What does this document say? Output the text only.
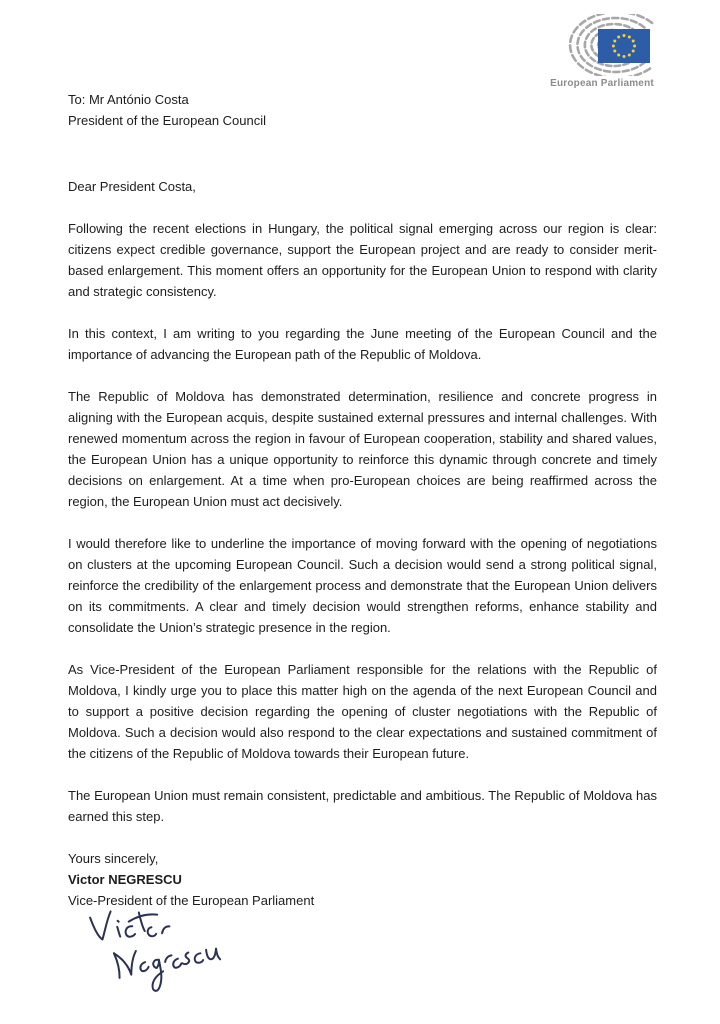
European Parliament

To: Mr António Costa

President of the European Council

Dear President Costa,

Following the recent elections in Hungary, the political signal emerging across our region is clear: citizens expect credible governance, support the European project and are ready to consider merit-based enlargement. This moment offers an opportunity for the European Union to respond with clarity and strategic consistency.

In this context, I am writing to you regarding the June meeting of the European Council and the importance of advancing the European path of the Republic of Moldova.

The Republic of Moldova has demonstrated determination, resilience and concrete progress in aligning with the European acquis, despite sustained external pressures and internal challenges. With renewed momentum across the region in favour of European cooperation, stability and shared values, the European Union has a unique opportunity to reinforce this dynamic through concrete and timely decisions on enlargement. At a time when pro-European choices are being reaffirmed across the region, the European Union must act decisively.

I would therefore like to underline the importance of moving forward with the opening of negotiations on clusters at the upcoming European Council. Such a decision would send a strong political signal, reinforce the credibility of the enlargement process and demonstrate that the European Union delivers on its commitments. A clear and timely decision would strengthen reforms, enhance stability and consolidate the Union’s strategic presence in the region.

As Vice-President of the European Parliament responsible for the relations with the Republic of Moldova, I kindly urge you to place this matter high on the agenda of the next European Council and to support a positive decision regarding the opening of cluster negotiations with the Republic of Moldova. Such a decision would also respond to the clear expectations and sustained commitment of the citizens of the Republic of Moldova towards their European future.

The European Union must remain consistent, predictable and ambitious. The Republic of Moldova has earned this step.

Yours sincerely,

Victor NEGRESCU

Vice-President of the European Parliament
